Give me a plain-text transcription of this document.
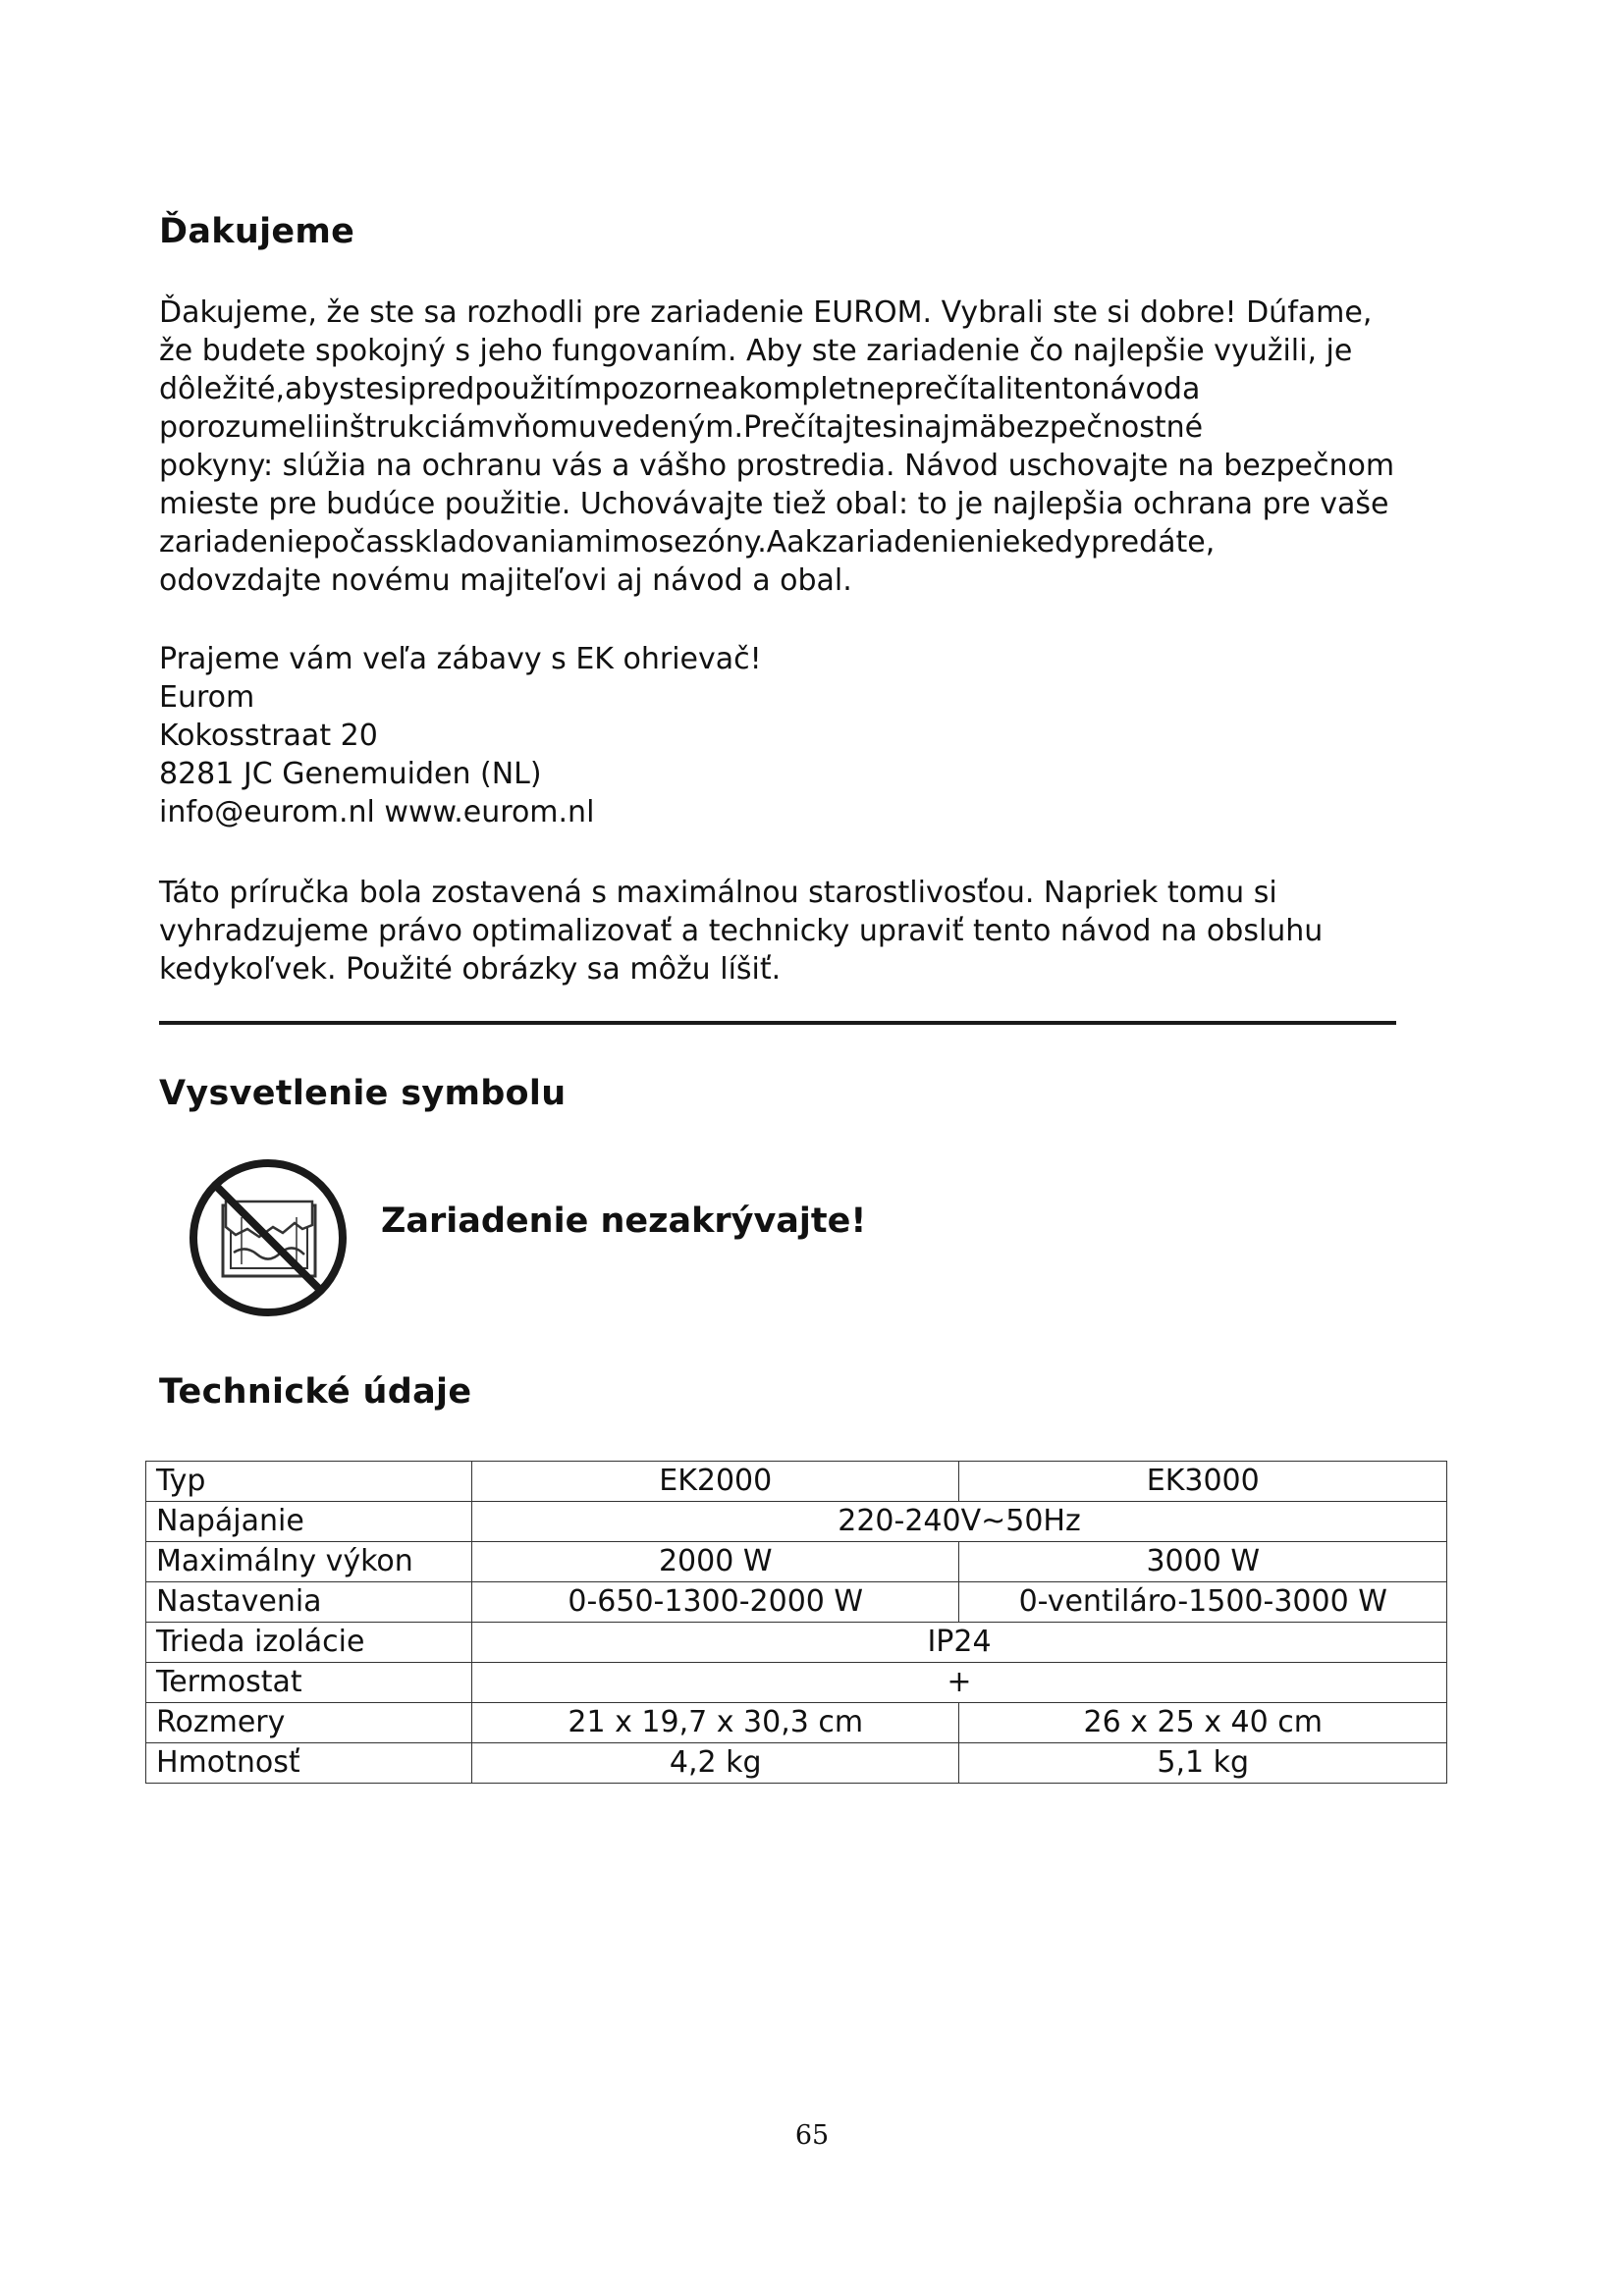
Ďakujeme
Ďakujeme, že ste sa rozhodli pre zariadenie EUROM. Vybrali ste si dobre! Dúfame,
že budete spokojný s jeho fungovaním. Aby ste zariadenie čo najlepšie využili, je
dôležité,abystesipredpoužitímpozorneakompletneprečítalitentonávoda
porozumeliinštrukciámvňomuvedeným.Prečítajtesinajmäbezpečnostné
pokyny: slúžia na ochranu vás a vášho prostredia. Návod uschovajte na bezpečnom
mieste pre budúce použitie. Uchovávajte tiež obal: to je najlepšia ochrana pre vaše
zariadeniepočasskladovaniamimosezóny.Aakzariadenieniekedypredáte,
odovzdajte novému majiteľovi aj návod a obal.
Prajeme vám veľa zábavy s EK ohrievač!
Eurom
Kokosstraat 20
8281 JC Genemuiden (NL)
info@eurom.nl www.eurom.nl
Táto príručka bola zostavená s maximálnou starostlivosťou. Napriek tomu si
vyhradzujeme právo optimalizovať a technicky upraviť tento návod na obsluhu
kedykoľvek. Použité obrázky sa môžu líšiť.
Vysvetlenie symbolu
Zariadenie nezakrývajte!
Technické údaje
Typ	EK2000	EK3000
Napájanie	220-240V~50Hz	
Maximálny výkon	2000 W	3000 W
Nastavenia	0-650-1300-2000 W	0-ventiláro-1500-3000 W
Trieda izolácie	IP24	
Termostat	+	
Rozmery	21 x 19,7 x 30,3 cm	26 x 25 x 40 cm
Hmotnosť	4,2 kg	5,1 kg
65
